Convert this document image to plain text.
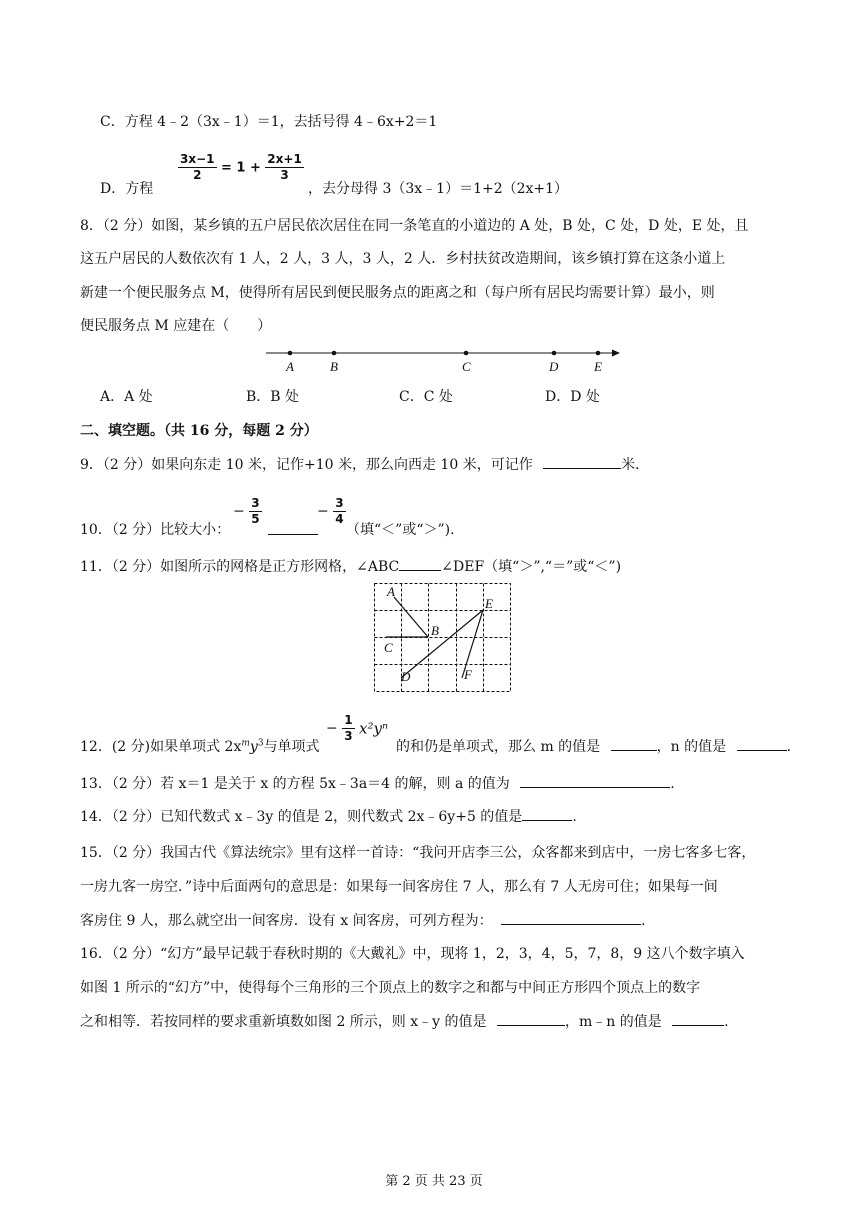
C．方程 4﹣2（3x﹣1）＝1，去括号得 4﹣6x+2＝1
D．方程
$\frac{3x-1}{2} = 1 + \frac{2x+1}{3}$
，去分母得 3（3x﹣1）＝1+2（2x+1）
8．（2 分）如图，某乡镇的五户居民依次居住在同一条笔直的小道边的 A 处，B 处，C 处，D 处，E 处，且
这五户居民的人数依次有 1 人，2 人，3 人，3 人，2 人．乡村扶贫改造期间，该乡镇打算在这条小道上
新建一个便民服务点 M，使得所有居民到便民服务点的距离之和（每户所有居民均需要计算）最小，则
便民服务点 M 应建在（　　）
A	B	C	D	E
A．A 处	B．B 处	C．C 处	D．D 处
二、填空题。（共 16 分，每题 2 分）
9．（2 分）如果向东走 10 米，记作+10 米，那么向西走 10 米，可记作	米．
10．（2 分）比较大小：
− $\frac{3}{5}$	− $\frac{3}{4}$
（填“＜”或“＞”).
11．（2 分）如图所示的网格是正方形网格，∠ABC	∠DEF（填“＞”,“＝”或“＜”)
A
B
C
D
E
F
12．(2 分)如果单项式 $2x^my^3$与单项式
− $\frac{1}{3} x^2y^n$
的和仍是单项式，那么 m 的值是	，n 的值是	.
13．（2 分）若 x＝1 是关于 x 的方程 5x﹣3a＝4 的解，则 a 的值为	.
14．（2 分）已知代数式 x﹣3y 的值是 2，则代数式 2x﹣6y+5 的值是	.
15．（2 分）我国古代《算法统宗》里有这样一首诗：“我问开店李三公，众客都来到店中，一房七客多七客，
一房九客一房空．”诗中后面两句的意思是：如果每一间客房住 7 人，那么有 7 人无房可住；如果每一间
客房住 9 人，那么就空出一间客房．设有 x 间客房，可列方程为：	.
16．（2 分）“幻方”最早记载于春秋时期的《大戴礼》中，现将 1，2，3，4，5，7，8，9 这八个数字填入
如图 1 所示的“幻方”中，使得每个三角形的三个顶点上的数字之和都与中间正方形四个顶点上的数字
之和相等．若按同样的要求重新填数如图 2 所示，则 x﹣y 的值是	，m﹣n 的值是	.
第 2 页 共 23 页
